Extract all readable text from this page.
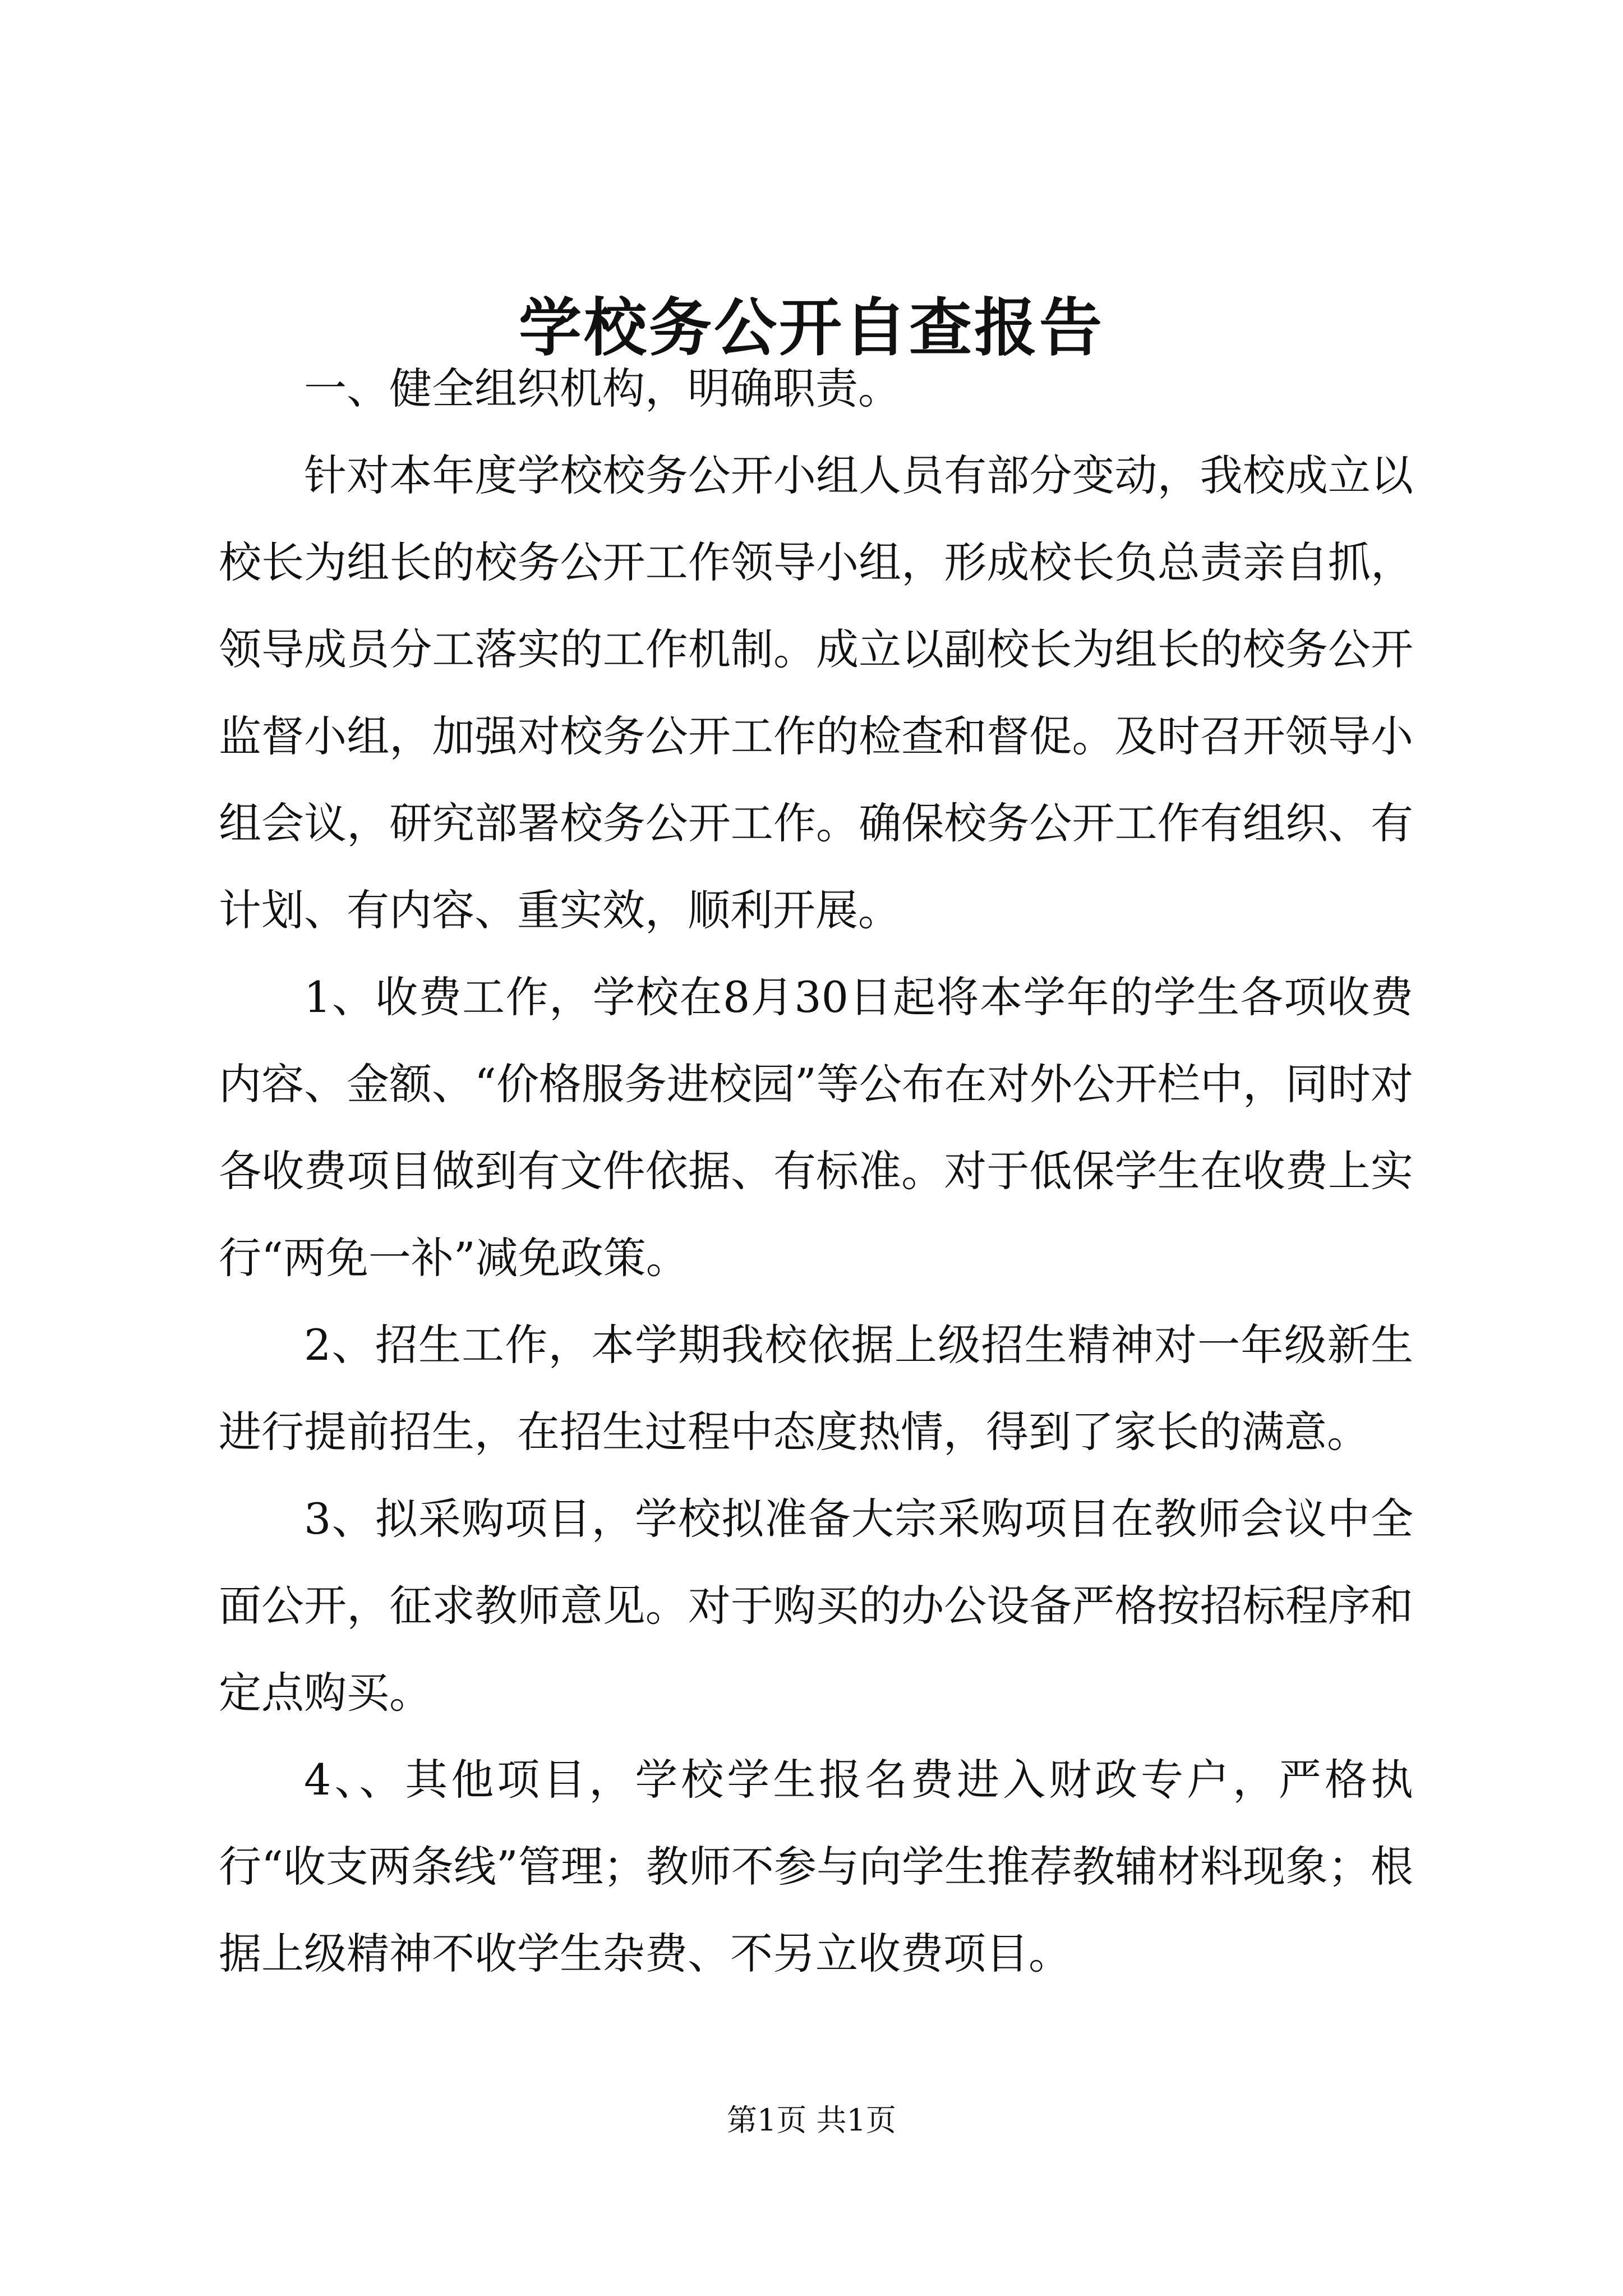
学校务公开自查报告

一、健全组织机构，明确职责。

针对本年度学校校务公开小组人员有部分变动，我校成立以校长为组长的校务公开工作领导小组，形成校长负总责亲自抓，领导成员分工落实的工作机制。成立以副校长为组长的校务公开监督小组，加强对校务公开工作的检查和督促。及时召开领导小组会议，研究部署校务公开工作。确保校务公开工作有组织、有计划、有内容、重实效，顺利开展。

1、收费工作，学校在8月30日起将本学年的学生各项收费内容、金额、“价格服务进校园”等公布在对外公开栏中，同时对各收费项目做到有文件依据、有标准。对于低保学生在收费上实行“两免一补”减免政策。

2、招生工作，本学期我校依据上级招生精神对一年级新生进行提前招生，在招生过程中态度热情，得到了家长的满意。

3、拟采购项目，学校拟准备大宗采购项目在教师会议中全面公开，征求教师意见。对于购买的办公设备严格按招标程序和定点购买。

4、、其他项目，学校学生报名费进入财政专户，严格执行“收支两条线”管理；教师不参与向学生推荐教辅材料现象；根据上级精神不收学生杂费、不另立收费项目。

第1页 共1页
